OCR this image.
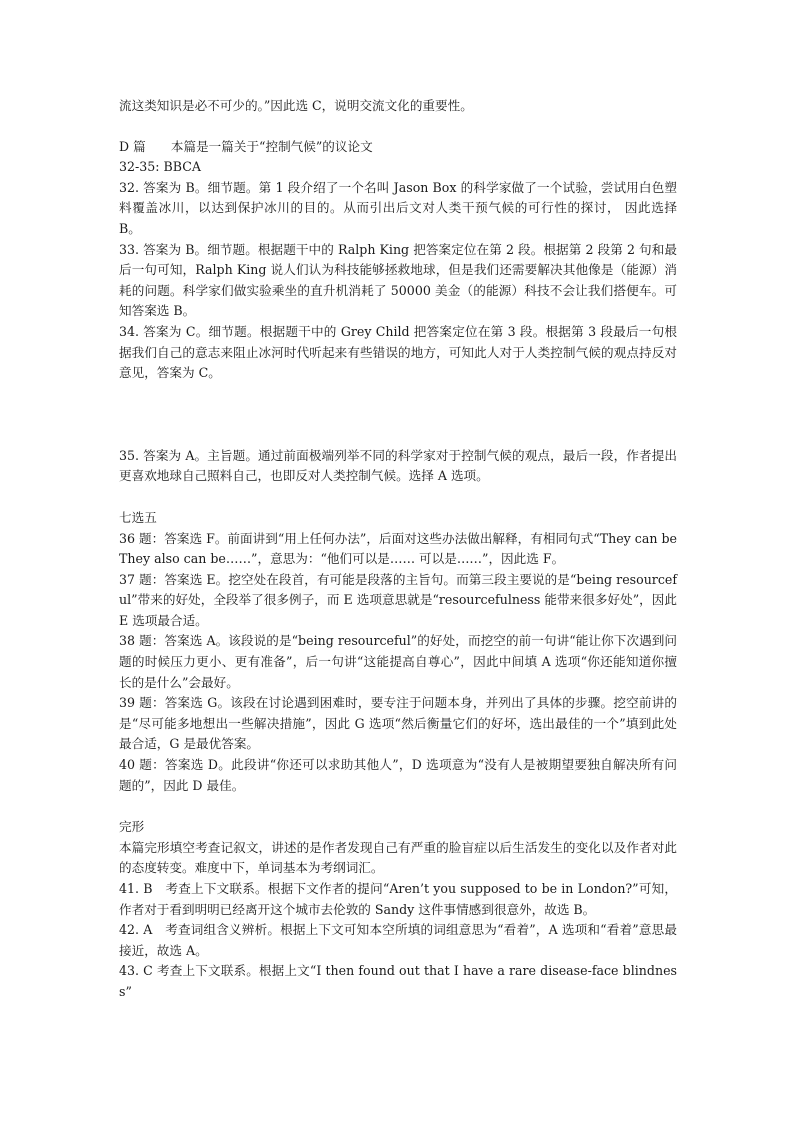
流这类知识是必不可少的。”因此选 C，说明交流文化的重要性。

D 篇　　本篇是一篇关于“控制气候”的议论文

32-35: BBCA

32. 答案为 B。细节题。第 1 段介绍了一个名叫 Jason Box 的科学家做了一个试验，尝试用白色塑料覆盖冰川，以达到保护冰川的目的。从而引出后文对人类干预气候的可行性的探讨， 因此选择 B。

33. 答案为 B。细节题。根据题干中的 Ralph King 把答案定位在第 2 段。根据第 2 段第 2 句和最后一句可知，Ralph King 说人们认为科技能够拯救地球，但是我们还需要解决其他像是（能源）消耗的问题。科学家们做实验乘坐的直升机消耗了 50000 美金（的能源）科技不会让我们搭便车。可知答案选 B。

34. 答案为 C。细节题。根据题干中的 Grey Child 把答案定位在第 3 段。根据第 3 段最后一句根据我们自己的意志来阻止冰河时代听起来有些错误的地方，可知此人对于人类控制气候的观点持反对意见，答案为 C。

35. 答案为 A。主旨题。通过前面极端列举不同的科学家对于控制气候的观点，最后一段，作者提出更喜欢地球自己照料自己，也即反对人类控制气候。选择 A 选项。

七选五

36 题：答案选 F。前面讲到“用上任何办法”，后面对这些办法做出解释，有相同句式“They can be They also can be……”，意思为：“他们可以是…… 可以是……”，因此选 F。

37 题：答案选 E。挖空处在段首，有可能是段落的主旨句。而第三段主要说的是“being resourceful”带来的好处，全段举了很多例子，而 E 选项意思就是“resourcefulness 能带来很多好处”，因此 E 选项最合适。

38 题：答案选 A。该段说的是“being resourceful”的好处，而挖空的前一句讲“能让你下次遇到问题的时候压力更小、更有准备”，后一句讲“这能提高自尊心”，因此中间填 A 选项“你还能知道你擅长的是什么”会最好。

39 题：答案选 G。该段在讨论遇到困难时，要专注于问题本身，并列出了具体的步骤。挖空前讲的是“尽可能多地想出一些解决措施”，因此 G 选项“然后衡量它们的好坏，选出最佳的一个”填到此处最合适，G 是最优答案。

40 题：答案选 D。此段讲“你还可以求助其他人”，D 选项意为“没有人是被期望要独自解决所有问题的”，因此 D 最佳。

完形

本篇完形填空考查记叙文，讲述的是作者发现自己有严重的脸盲症以后生活发生的变化以及作者对此的态度转变。难度中下，单词基本为考纲词汇。

41. B　考查上下文联系。根据下文作者的提问“Aren’t you supposed to be in London?”可知， 作者对于看到明明已经离开这个城市去伦敦的 Sandy 这件事情感到很意外，故选 B。

42. A　考查词组含义辨析。根据上下文可知本空所填的词组意思为“看着”，A 选项和“看着”意思最接近，故选 A。

43. C 考查上下文联系。根据上文“I then found out that I have a rare disease-face blindness”
